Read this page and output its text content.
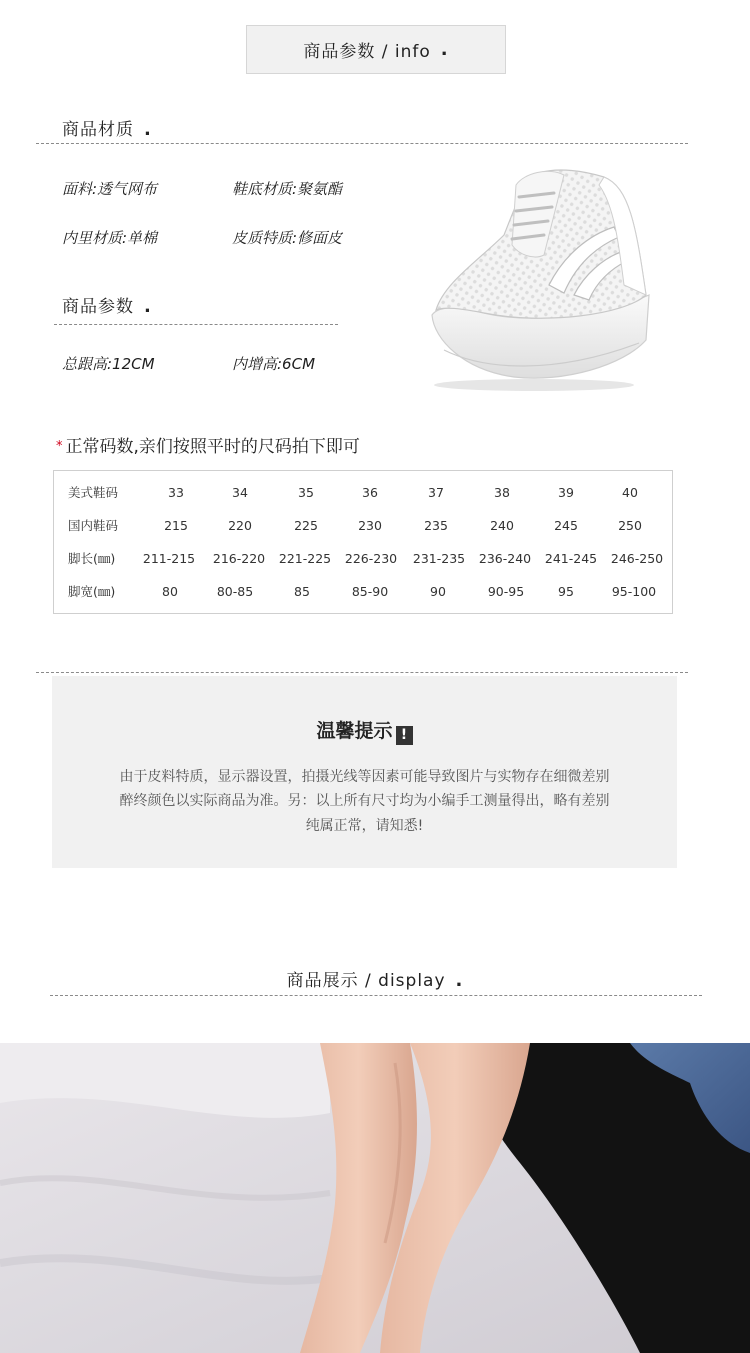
商品参数 / info .
商品材质 .
面料:透气网布	鞋底材质:聚氨酯
内里材质:单棉	皮质特质:修面皮
商品参数 .
总跟高:12CM	内增高:6CM
* 正常码数,亲们按照平时的尺码拍下即可
美式鞋码	33	34	35	36	37	38	39	40
国内鞋码	215	220	225	230	235	240	245	250
脚长(㎜)	211-215	216-220	221-225	226-230	231-235	236-240	241-245	246-250
脚宽(㎜)	80	80-85	85	85-90	90	90-95	95	95-100
温馨提示 !
由于皮料特质，显示器设置，拍摄光线等因素可能导致图片与实物存在细微差别
醉终颜色以实际商品为准。另：以上所有尺寸均为小编手工测量得出，略有差别
纯属正常，请知悉!
商品展示 / display .
